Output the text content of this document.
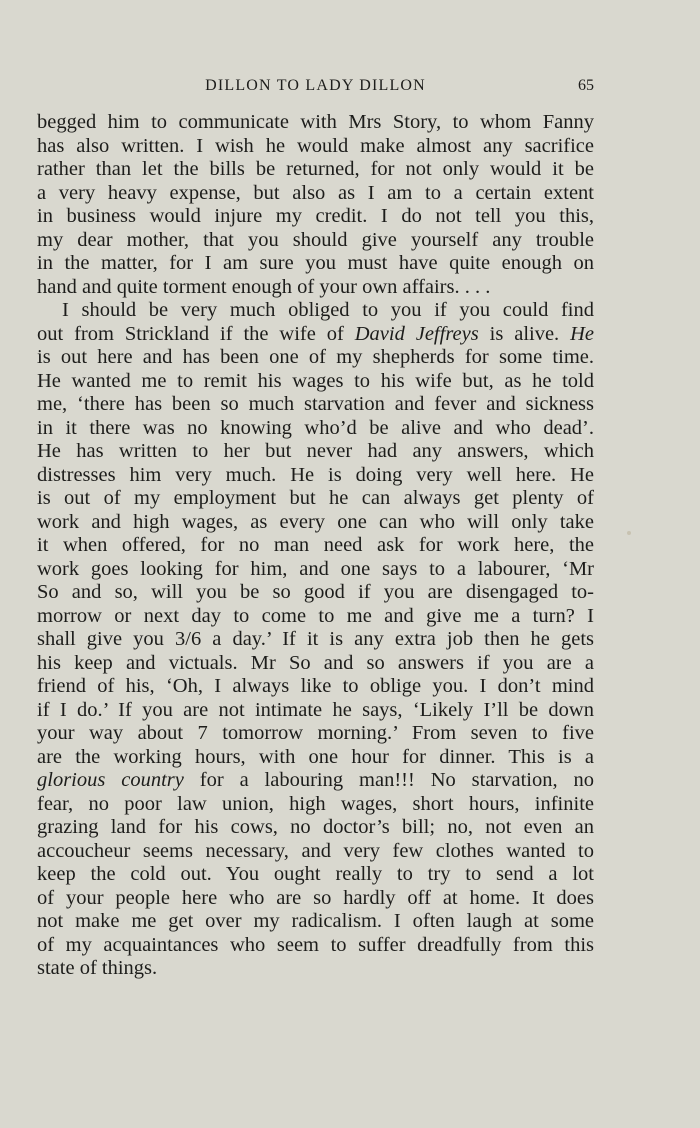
DILLON TO LADY DILLON	65
begged him to communicate with Mrs Story, to whom Fanny
has also written. I wish he would make almost any sacrifice
rather than let the bills be returned, for not only would it be
a very heavy expense, but also as I am to a certain extent
in business would injure my credit. I do not tell you this,
my dear mother, that you should give yourself any trouble
in the matter, for I am sure you must have quite enough on
hand and quite torment enough of your own affairs. . . .
I should be very much obliged to you if you could find
out from Strickland if the wife of David Jeffreys is alive. He
is out here and has been one of my shepherds for some time.
He wanted me to remit his wages to his wife but, as he told
me, ‘there has been so much starvation and fever and sickness
in it there was no knowing who’d be alive and who dead’.
He has written to her but never had any answers, which
distresses him very much. He is doing very well here. He
is out of my employment but he can always get plenty of
work and high wages, as every one can who will only take
it when offered, for no man need ask for work here, the
work goes looking for him, and one says to a labourer, ‘Mr
So and so, will you be so good if you are disengaged to-
morrow or next day to come to me and give me a turn? I
shall give you 3/6 a day.’ If it is any extra job then he gets
his keep and victuals. Mr So and so answers if you are a
friend of his, ‘Oh, I always like to oblige you. I don’t mind
if I do.’ If you are not intimate he says, ‘Likely I’ll be down
your way about 7 tomorrow morning.’ From seven to five
are the working hours, with one hour for dinner. This is a
glorious country for a labouring man!!! No starvation, no
fear, no poor law union, high wages, short hours, infinite
grazing land for his cows, no doctor’s bill; no, not even an
accoucheur seems necessary, and very few clothes wanted to
keep the cold out. You ought really to try to send a lot
of your people here who are so hardly off at home. It does
not make me get over my radicalism. I often laugh at some
of my acquaintances who seem to suffer dreadfully from this
state of things.
